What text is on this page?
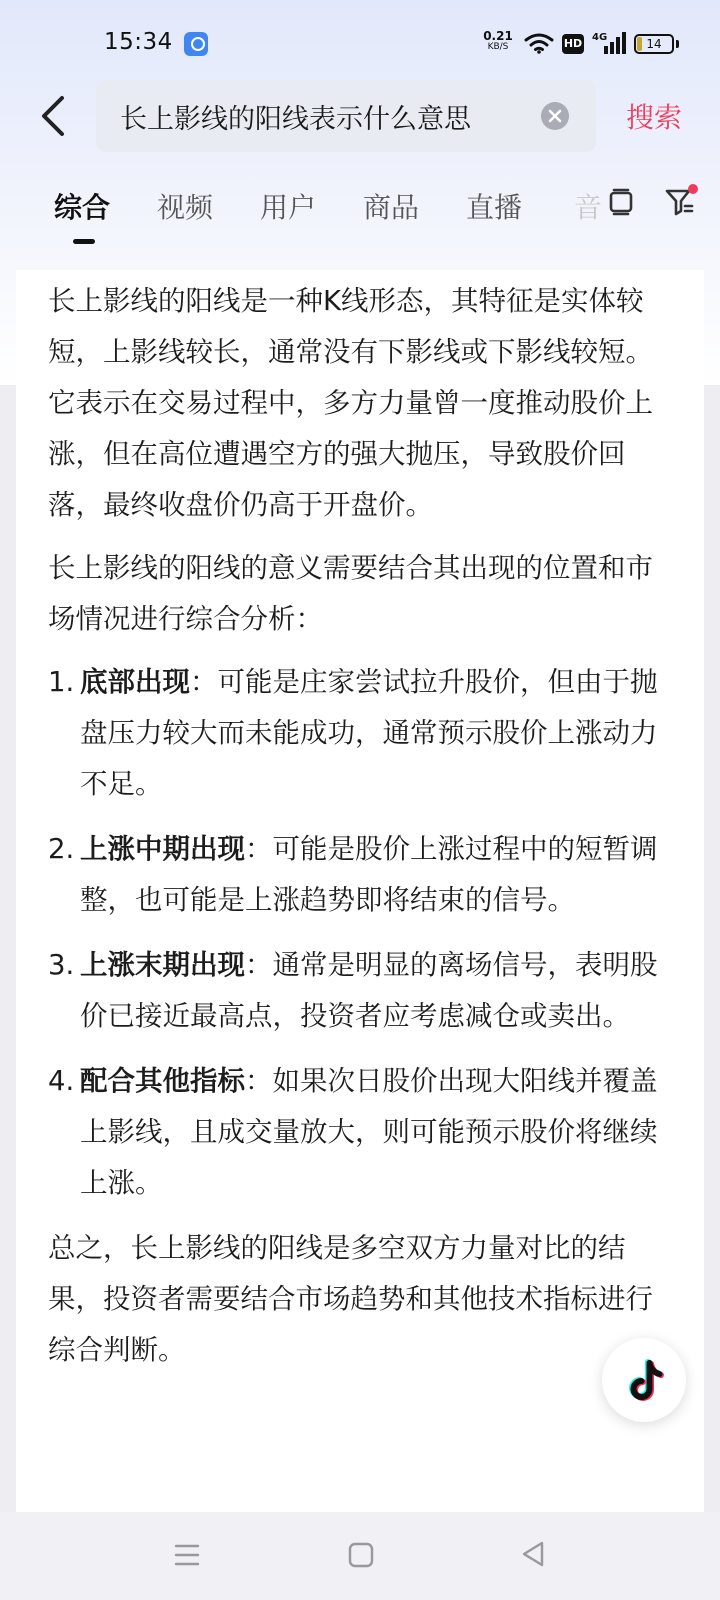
15:34	0.21
KB/S	HD 4G	14
长上影线的阳线表示什么意思
搜索
综合 视频 用户 商品 直播 音

长上影线的阳线是一种K线形态，其特征是实体较短，上影线较长，通常没有下影线或下影线较短。它表示在交易过程中，多方力量曾一度推动股价上涨，但在高位遭遇空方的强大抛压，导致股价回落，最终收盘价仍高于开盘价。

长上影线的阳线的意义需要结合其出现的位置和市场情况进行综合分析：

1. 底部出现：可能是庄家尝试拉升股价，但由于抛盘压力较大而未能成功，通常预示股价上涨动力不足。
2. 上涨中期出现：可能是股价上涨过程中的短暂调整，也可能是上涨趋势即将结束的信号。
3. 上涨末期出现：通常是明显的离场信号，表明股价已接近最高点，投资者应考虑减仓或卖出。
4. 配合其他指标：如果次日股价出现大阳线并覆盖上影线，且成交量放大，则可能预示股价将继续上涨。

总之，长上影线的阳线是多空双方力量对比的结果，投资者需要结合市场趋势和其他技术指标进行综合判断。
